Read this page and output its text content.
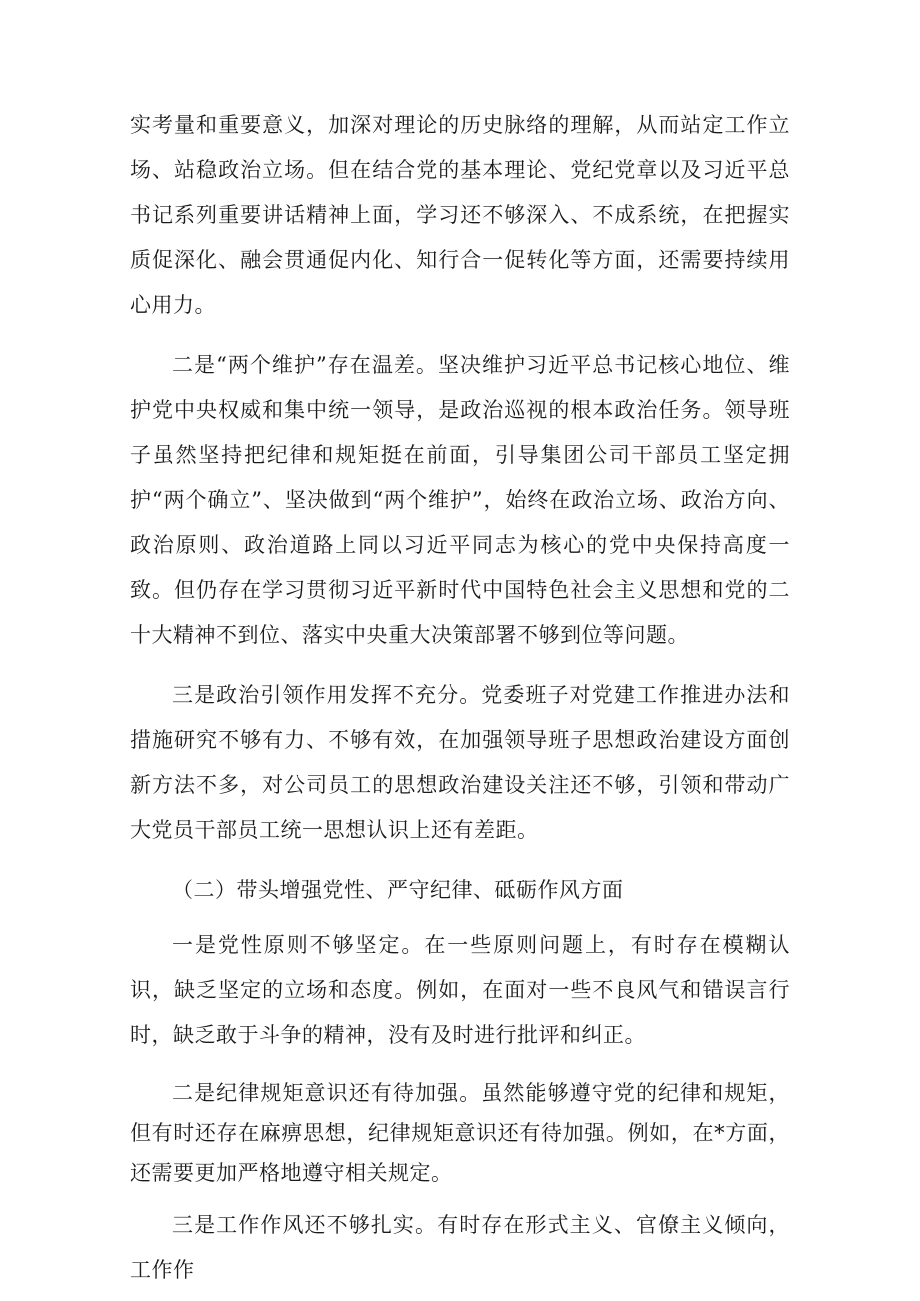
实考量和重要意义，加深对理论的历史脉络的理解，从而站定工作立场、站稳政治立场。但在结合党的基本理论、党纪党章以及习近平总书记系列重要讲话精神上面，学习还不够深入、不成系统，在把握实质促深化、融会贯通促内化、知行合一促转化等方面，还需要持续用心用力。

二是“两个维护”存在温差。坚决维护习近平总书记核心地位、维护党中央权威和集中统一领导，是政治巡视的根本政治任务。领导班子虽然坚持把纪律和规矩挺在前面，引导集团公司干部员工坚定拥护“两个确立”、坚决做到“两个维护”，始终在政治立场、政治方向、政治原则、政治道路上同以习近平同志为核心的党中央保持高度一致。但仍存在学习贯彻习近平新时代中国特色社会主义思想和党的二十大精神不到位、落实中央重大决策部署不够到位等问题。

三是政治引领作用发挥不充分。党委班子对党建工作推进办法和措施研究不够有力、不够有效，在加强领导班子思想政治建设方面创新方法不多，对公司员工的思想政治建设关注还不够，引领和带动广大党员干部员工统一思想认识上还有差距。

（二）带头增强党性、严守纪律、砥砺作风方面

一是党性原则不够坚定。在一些原则问题上，有时存在模糊认识，缺乏坚定的立场和态度。例如，在面对一些不良风气和错误言行时，缺乏敢于斗争的精神，没有及时进行批评和纠正。

二是纪律规矩意识还有待加强。虽然能够遵守党的纪律和规矩，但有时还存在麻痹思想，纪律规矩意识还有待加强。例如，在*方面，还需要更加严格地遵守相关规定。

三是工作作风还不够扎实。有时存在形式主义、官僚主义倾向，工作作
